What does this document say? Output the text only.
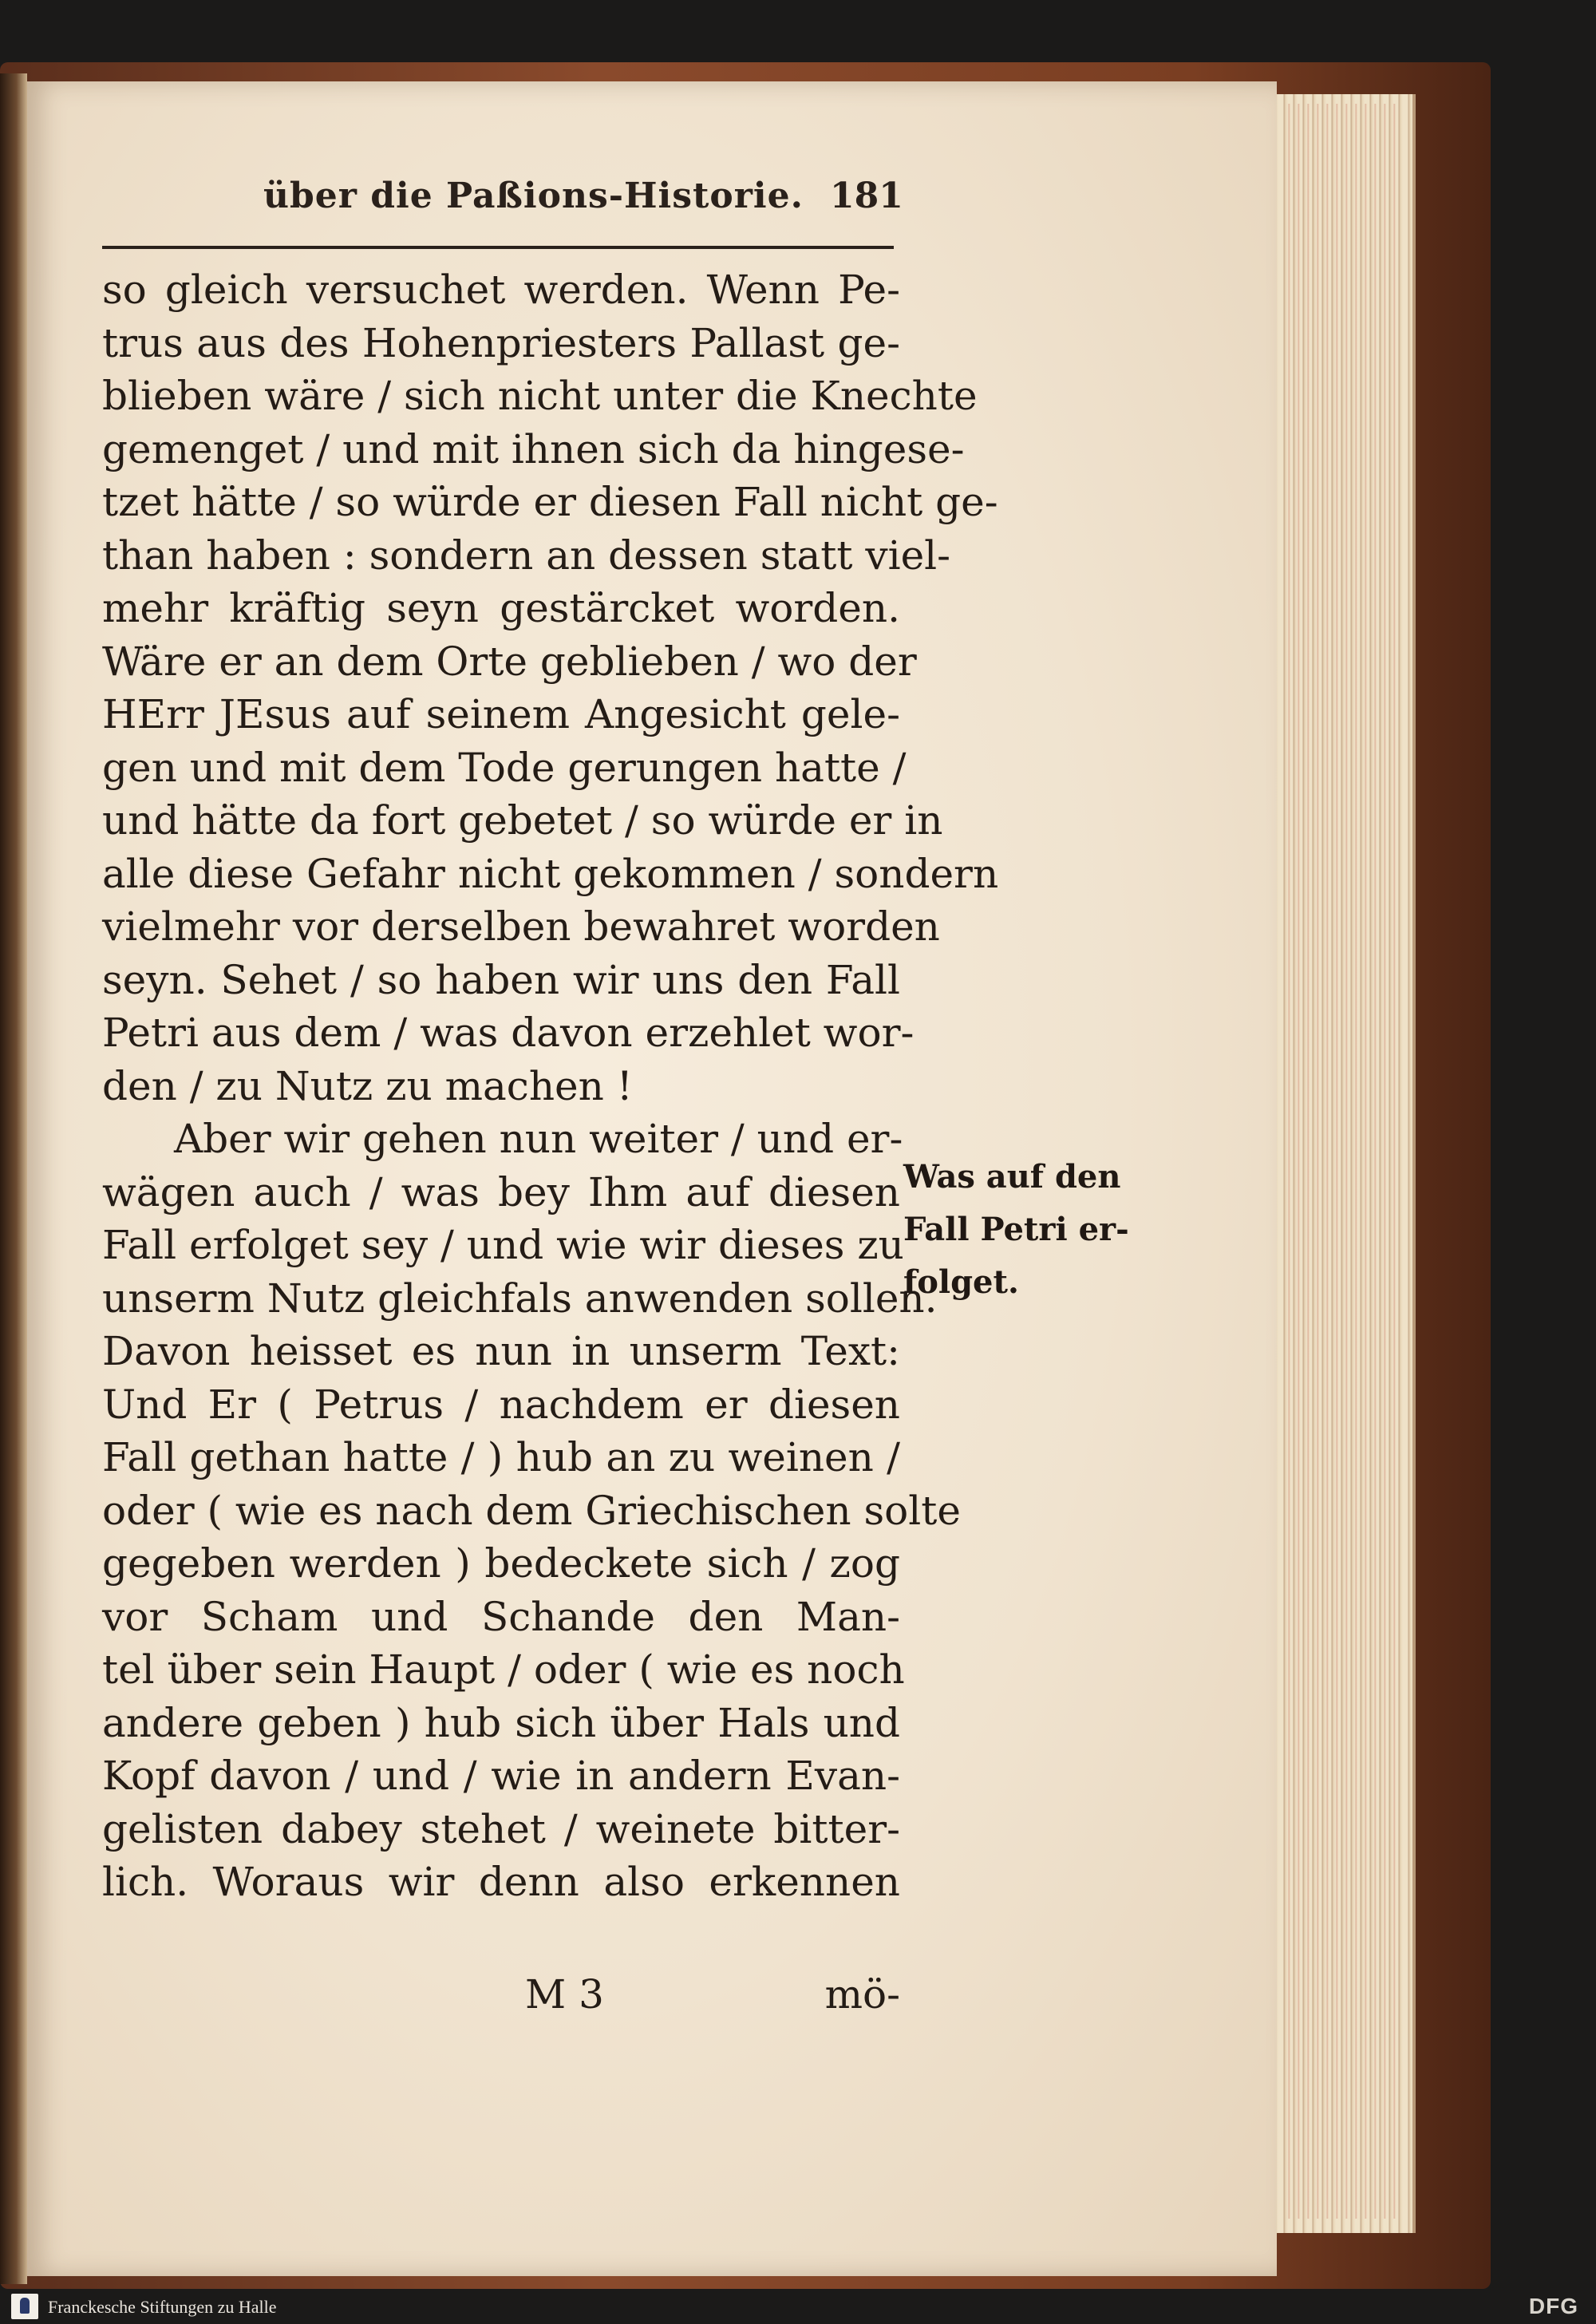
über die Paßions-Historie. 181
so gleich versuchet werden. Wenn Pe-
trus aus des Hohenpriesters Pallast ge-
blieben wäre / sich nicht unter die Knechte
gemenget / und mit ihnen sich da hingese-
tzet hätte / so würde er diesen Fall nicht ge-
than haben : sondern an dessen statt viel-
mehr kräftig seyn gestärcket worden.
Wäre er an dem Orte geblieben / wo der
HErr JEsus auf seinem Angesicht gele-
gen und mit dem Tode gerungen hatte /
und hätte da fort gebetet / so würde er in
alle diese Gefahr nicht gekommen / sondern
vielmehr vor derselben bewahret worden
seyn. Sehet / so haben wir uns den Fall
Petri aus dem / was davon erzehlet wor-
den / zu Nutz zu machen !
Aber wir gehen nun weiter / und er-
wägen auch / was bey Ihm auf diesen
Fall erfolget sey / und wie wir dieses zu
unserm Nutz gleichfals anwenden sollen.
Davon heisset es nun in unserm Text:
Und Er ( Petrus / nachdem er diesen
Fall gethan hatte / ) hub an zu weinen /
oder ( wie es nach dem Griechischen solte
gegeben werden ) bedeckete sich / zog
vor Scham und Schande den Man-
tel über sein Haupt / oder ( wie es noch
andere geben ) hub sich über Hals und
Kopf davon / und / wie in andern Evan-
gelisten dabey stehet / weinete bitter-
lich. Woraus wir denn also erkennen
Was auf den
Fall Petri er-
folget.
M 3	mö-
Franckesche Stiftungen zu Halle	DFG
